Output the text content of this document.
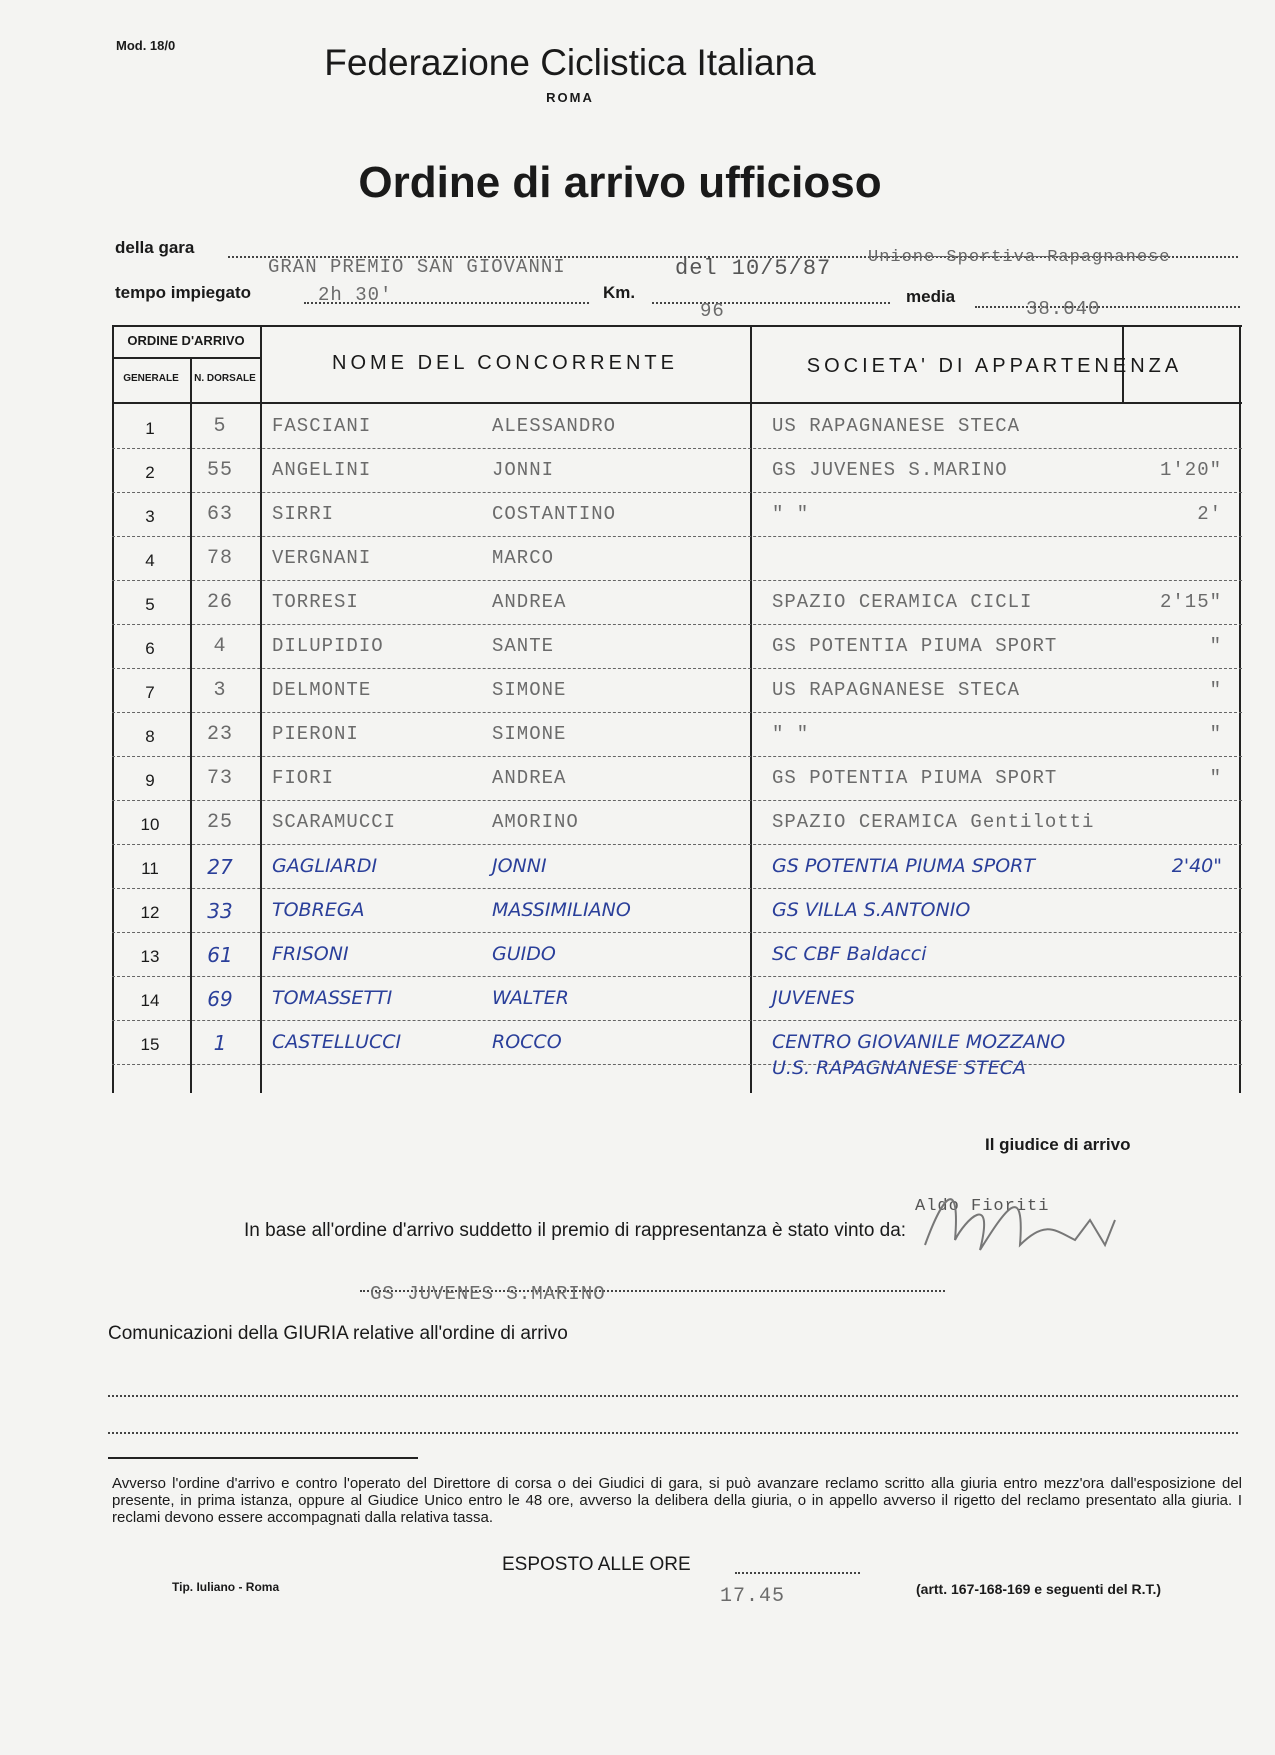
Mod. 18/0	Federazione Ciclistica Italiana
ROMA
Ordine di arrivo ufficioso
della gara
GRAN PREMIO SAN GIOVANNI	del 10/5/87 Unione Sportiva Rapagnanese
tempo impiegato	2h 30'	Km.
96
media
38.040
ORDINE D'ARRIVO
GENERALE	N. DORSALE
NOME DEL CONCORRENTE	SOCIETA' DI APPARTENENZA
1	5	FASCIANI	ALESSANDRO	US RAPAGNANESE STECA
2	55	ANGELINI	JONNI	GS JUVENES S.MARINO	1'20"
3	63	SIRRI	COSTANTINO	" "	2'
4	78	VERGNANI	MARCO
5	26	TORRESI	ANDREA	SPAZIO CERAMICA CICLI	2'15"
6	4	DILUPIDIO	SANTE	GS POTENTIA PIUMA SPORT	"
7	3	DELMONTE	SIMONE	US RAPAGNANESE STECA	"
8	23	PIERONI	SIMONE	" "	"
9	73	FIORI	ANDREA	GS POTENTIA PIUMA SPORT	"
10	25	SCARAMUCCI	AMORINO	SPAZIO CERAMICA Gentilotti
11	27	GAGLIARDI	JONNI	GS POTENTIA PIUMA SPORT	2'40"
12	33	TOBREGA	MASSIMILIANO	GS VILLA S.ANTONIO
13	61	FRISONI	GUIDO	SC CBF Baldacci
14	69	TOMASSETTI	WALTER	JUVENES
15	1	CASTELLUCCI	ROCCO	CENTRO GIOVANILE MOZZANO
U.S. RAPAGNANESE STECA
Il giudice di arrivo
Aldo Fioriti
In base all'ordine d'arrivo suddetto il premio di rappresentanza è stato vinto da:
GS JUVENES S.MARINO
Comunicazioni della GIURIA relative all'ordine di arrivo
Avverso l'ordine d'arrivo e contro l'operato del Direttore di corsa o dei Giudici di gara, si può avanzare reclamo scritto alla giuria entro mezz'ora dall'esposizione del presente, in prima istanza, oppure al Giudice Unico entro le 48 ore, avverso la delibera della giuria, o in appello avverso il rigetto del reclamo presentato alla giuria. I reclami devono essere accompagnati dalla relativa tassa.
ESPOSTO ALLE ORE
17.45
Tip. Iuliano - Roma	(artt. 167-168-169 e seguenti del R.T.)
